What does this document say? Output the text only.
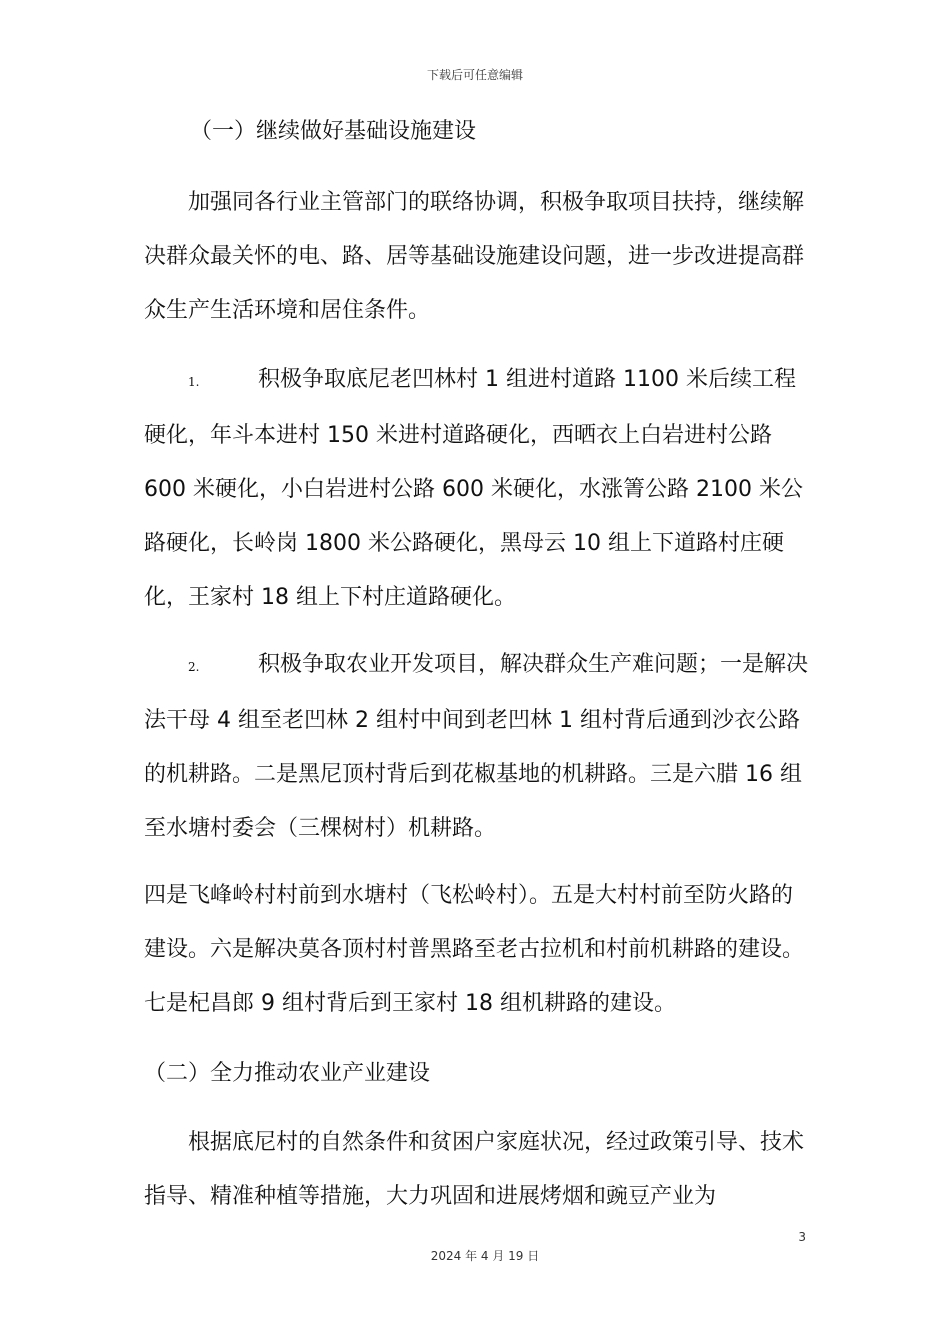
下载后可任意编辑

（一）继续做好基础设施建设

加强同各行业主管部门的联络协调，积极争取项目扶持，继续解决群众最关怀的电、路、居等基础设施建设问题，进一步改进提高群众生产生活环境和居住条件。

1.	积极争取底尼老凹林村 1 组进村道路 1100 米后续工程硬化，年斗本进村 150 米进村道路硬化，西晒衣上白岩进村公路 600 米硬化，小白岩进村公路 600 米硬化，水涨箐公路 2100 米公路硬化，长岭岗 1800 米公路硬化，黑母云 10 组上下道路村庄硬化，王家村 18 组上下村庄道路硬化。

2.	积极争取农业开发项目，解决群众生产难问题；一是解决法干母 4 组至老凹林 2 组村中间到老凹林 1 组村背后通到沙衣公路的机耕路。二是黑尼顶村背后到花椒基地的机耕路。三是六腊 16 组至水塘村委会（三棵树村）机耕路。

四是飞峰岭村村前到水塘村（飞松岭村）。五是大村村前至防火路的建设。六是解决莫各顶村村普黑路至老古拉机和村前机耕路的建设。七是杞昌郎 9 组村背后到王家村 18 组机耕路的建设。

（二）全力推动农业产业建设

根据底尼村的自然条件和贫困户家庭状况，经过政策引导、技术指导、精准种植等措施，大力巩固和进展烤烟和豌豆产业为

3
2024 年 4 月 19 日
